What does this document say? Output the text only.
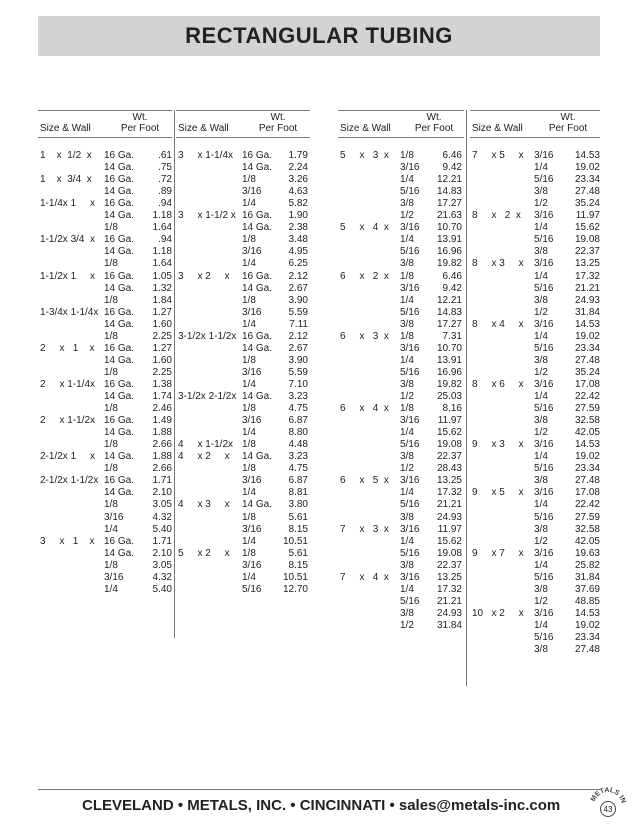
RECTANGULAR TUBING
Size & Wall
Wt.
Per Foot
1    x  1/2  x 16 Ga. .61
14 Ga. .75
1    x  3/4  x 16 Ga. .72
14 Ga. .89
1-1/4x 1     x 16 Ga. .94
14 Ga. 1.18
1/8	1.64
1-1/2x 3/4  x 16 Ga. .94
14 Ga. 1.18
1/8	1.64
1-1/2x 1     x 16 Ga. 1.05
14 Ga. 1.32
1/8	1.84
1-3/4x 1-1/4x 16 Ga. 1.27
14 Ga. 1.60
1/8	2.25
2     x   1    x 16 Ga. 1.27
14 Ga. 1.60
1/8	2.25
2     x 1-1/4x 16 Ga. 1.38
14 Ga. 1.74
1/8	2.46
2     x 1-1/2x 16 Ga. 1.49
14 Ga. 1.88
1/8	2.66
2-1/2x 1     x 14 Ga. 1.88
1/8	2.66
2-1/2x 1-1/2x 16 Ga. 1.71
14 Ga. 2.10
1/8	3.05
3/16	4.32
1/4	5.40
3     x   1    x 16 Ga. 1.71
14 Ga. 2.10
1/8	3.05
3/16	4.32
1/4	5.40
Size & Wall
Wt.
Per Foot
3     x 1-1/4x 16 Ga. 1.79
14 Ga. 2.24
1/8	3.26
3/16	4.63
1/4	5.82
3     x 1-1/2 x 16 Ga. 1.90
14 Ga. 2.38
1/8	3.48
3/16	4.95
1/4	6.25
3     x 2     x 16 Ga. 2.12
14 Ga. 2.67
1/8	3.90
3/16	5.59
1/4	7.11
3-1/2x 1-1/2x 16 Ga. 2.12
14 Ga. 2.67
1/8	3.90
3/16	5.59
1/4	7.10
3-1/2x 2-1/2x 14 Ga. 3.23
1/8	4.75
3/16	6.87
1/4	8.80
4     x 1-1/2x 1/8	4.48
4     x 2     x 14 Ga. 3.23
1/8	4.75
3/16	6.87
1/4	8.81
4     x 3     x 14 Ga. 3.80
1/8	5.61
3/16	8.15
1/4	10.51
5     x 2     x 1/8	5.61
3/16	8.15
1/4	10.51
5/16 12.70
Size & Wall
Wt.
Per Foot
5     x   3  x 1/8	6.46
3/16 9.42
1/4 12.21
5/16 14.83
3/8 17.27
1/2 21.63
5     x   4  x 3/16 10.70
1/4 13.91
5/16 16.96
3/8 19.82
6     x   2  x 1/8	6.46
3/16 9.42
1/4 12.21
5/16 14.83
3/8 17.27
6     x   3  x 1/8	7.31
3/16 10.70
1/4 13.91
5/16 16.96
3/8 19.82
1/2 25.03
6     x   4  x 1/8	8.16
3/16 11.97
1/4 15.62
5/16 19.08
3/8 22.37
1/2 28.43
6     x   5  x 3/16 13.25
1/4 17.32
5/16 21.21
3/8 24.93
7     x   3  x 3/16 11.97
1/4 15.62
5/16 19.08
3/8 22.37
7     x   4  x 3/16 13.25
1/4 17.32
5/16 21.21
3/8 24.93
1/2 31.84
Size & Wall
Wt.
Per Foot
7     x 5     x 3/16 14.53
1/4	19.02
5/16 23.34
3/8	27.48
1/2	35.24
8     x   2  x 3/16 11.97
1/4	15.62
5/16 19.08
3/8	22.37
8     x 3     x 3/16 13.25
1/4	17.32
5/16 21.21
3/8	24.93
1/2	31.84
8     x 4     x 3/16 14.53
1/4	19.02
5/16 23.34
3/8	27.48
1/2	35.24
8     x 6     x 3/16 17.08
1/4	22.42
5/16 27.59
3/8	32.58
1/2	42.05
9     x 3     x 3/16 14.53
1/4	19.02
5/16 23.34
3/8	27.48
9     x 5     x 3/16 17.08
1/4	22.42
5/16 27.59
3/8	32.58
1/2	42.05
9     x 7     x 3/16 19.63
1/4	25.82
5/16 31.84
3/8	37.69
1/2	48.85
10   x 2     x 3/16 14.53
1/4	19.02
5/16 23.34
3/8	27.48
CLEVELAND • METALS, INC. • CINCINNATI • sales@metals-inc.com	METALS IN
43
